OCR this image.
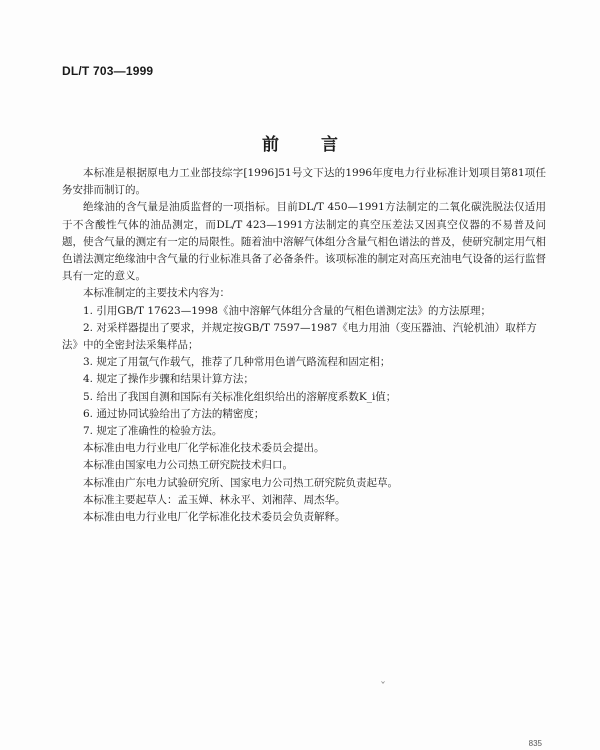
DL/T 703—1999
前言

本标准是根据原电力工业部技综字[1996]51号文下达的1996年度电力行业标准计划项目第81项任务安排而制订的。

绝缘油的含气量是油质监督的一项指标。目前DL/T 450—1991方法制定的二氧化碳洗脱法仅适用于不含酸性气体的油品测定，而DL/T 423—1991方法制定的真空压差法又因真空仪器的不易普及问题，使含气量的测定有一定的局限性。随着油中溶解气体组分含量气相色谱法的普及，使研究制定用气相色谱法测定绝缘油中含气量的行业标准具备了必备条件。该项标准的制定对高压充油电气设备的运行监督具有一定的意义。

本标准制定的主要技术内容为：

1. 引用GB/T 17623—1998《油中溶解气体组分含量的气相色谱测定法》的方法原理；

2. 对采样器提出了要求，并规定按GB/T 7597—1987《电力用油（变压器油、汽轮机油）取样方法》中的全密封法采集样品；

3. 规定了用氩气作载气，推荐了几种常用色谱气路流程和固定相；

4. 规定了操作步骤和结果计算方法；

5. 给出了我国自测和国际有关标准化组织给出的溶解度系数K_i值；

6. 通过协同试验给出了方法的精密度；

7. 规定了准确性的检验方法。

本标准由电力行业电厂化学标准化技术委员会提出。

本标准由国家电力公司热工研究院技术归口。

本标准由广东电力试验研究所、国家电力公司热工研究院负责起草。

本标准主要起草人：孟玉婵、林永平、刘湘萍、周杰华。

本标准由电力行业电厂化学标准化技术委员会负责解释。

ˇ
835
